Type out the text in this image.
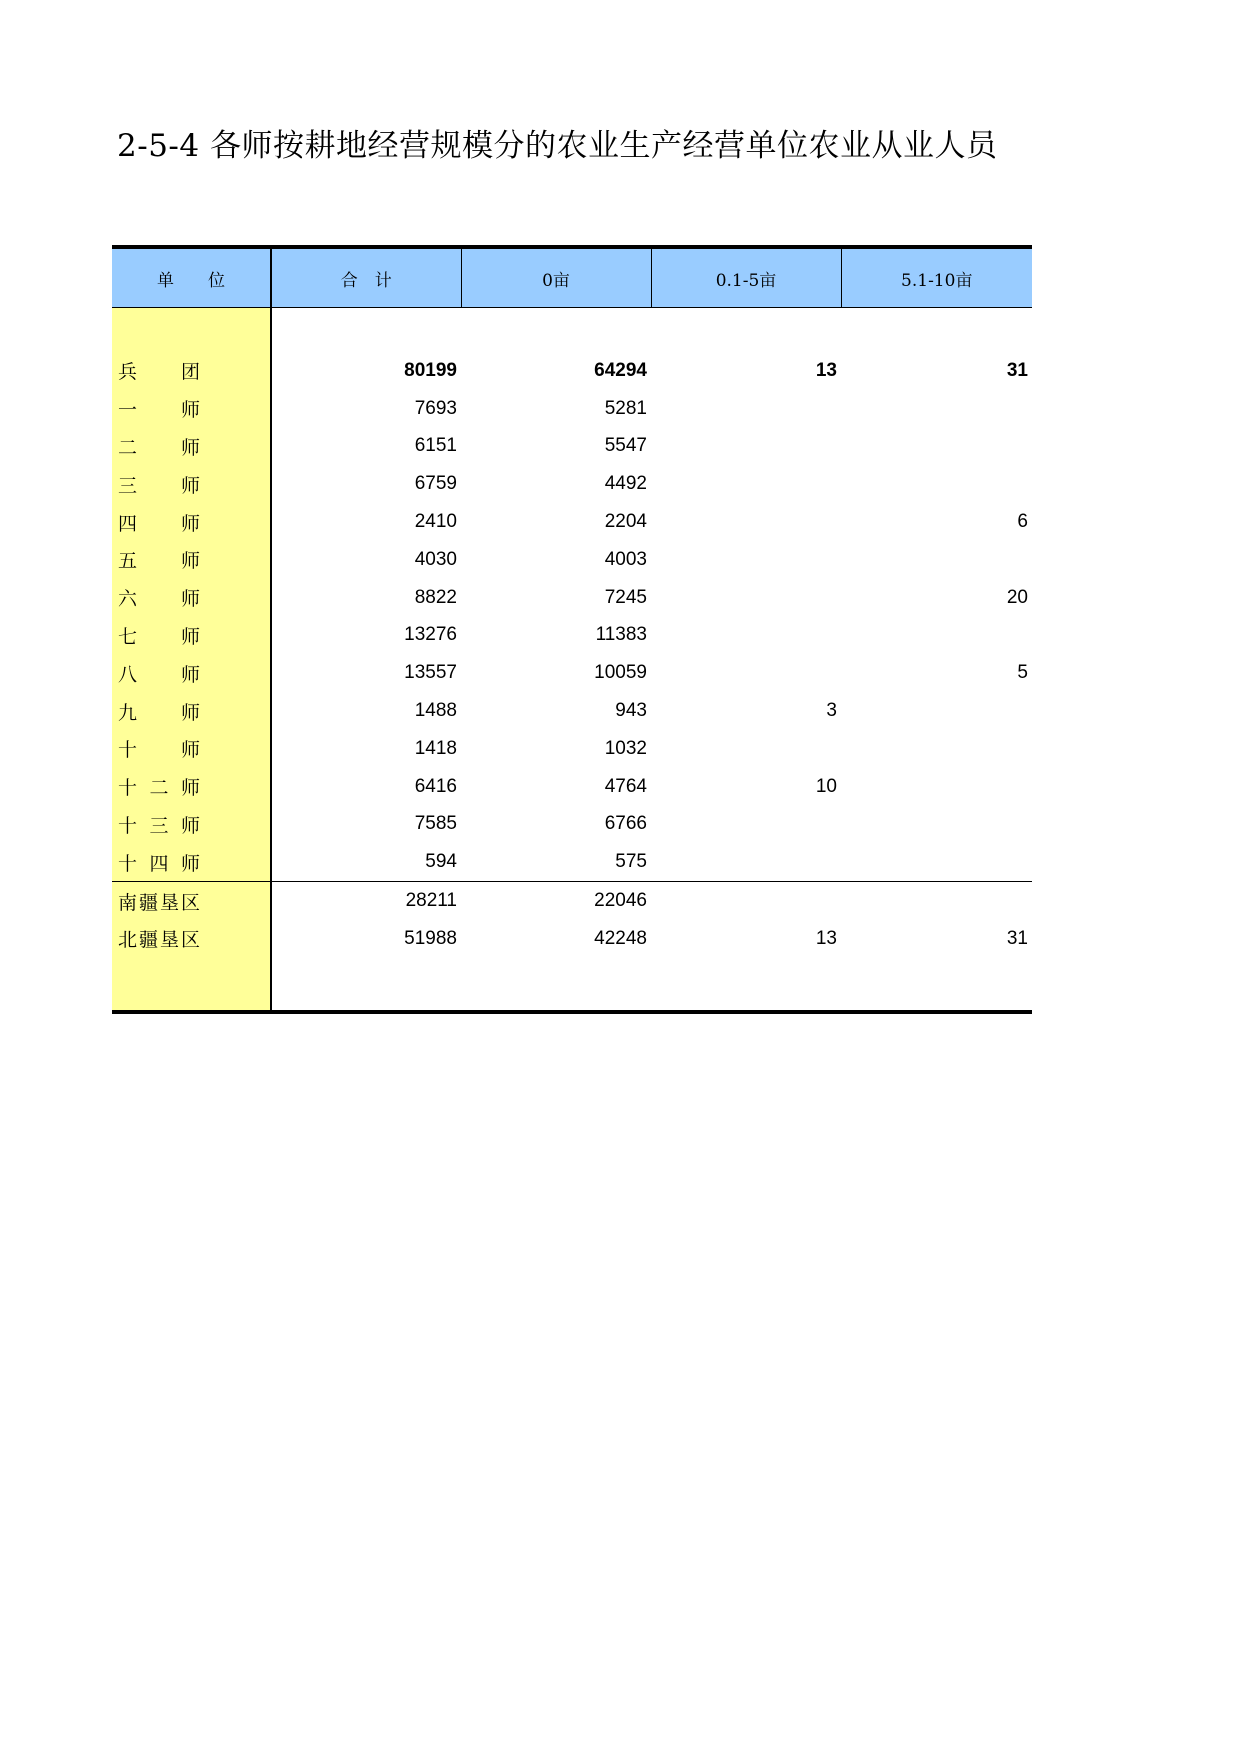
2-5-4 各师按耕地经营规模分的农业生产经营单位农业从业人员
单　　位	合　计	0亩	0.1-5亩	5.1-10亩

兵　团	80199	64294	13	31
一　师	7693	5281		
二　师	6151	5547		
三　师	6759	4492		
四　师	2410	2204		6
五　师	4030	4003		
六　师	8822	7245		20
七　师	13276	11383		
八　师	13557	10059		5
九　师	1488	943	3	
十　师	1418	1032		
十二师	6416	4764	10	
十三师	7585	6766		
十四师	594	575		
南疆垦区	28211	22046		
北疆垦区	51988	42248	13	31
